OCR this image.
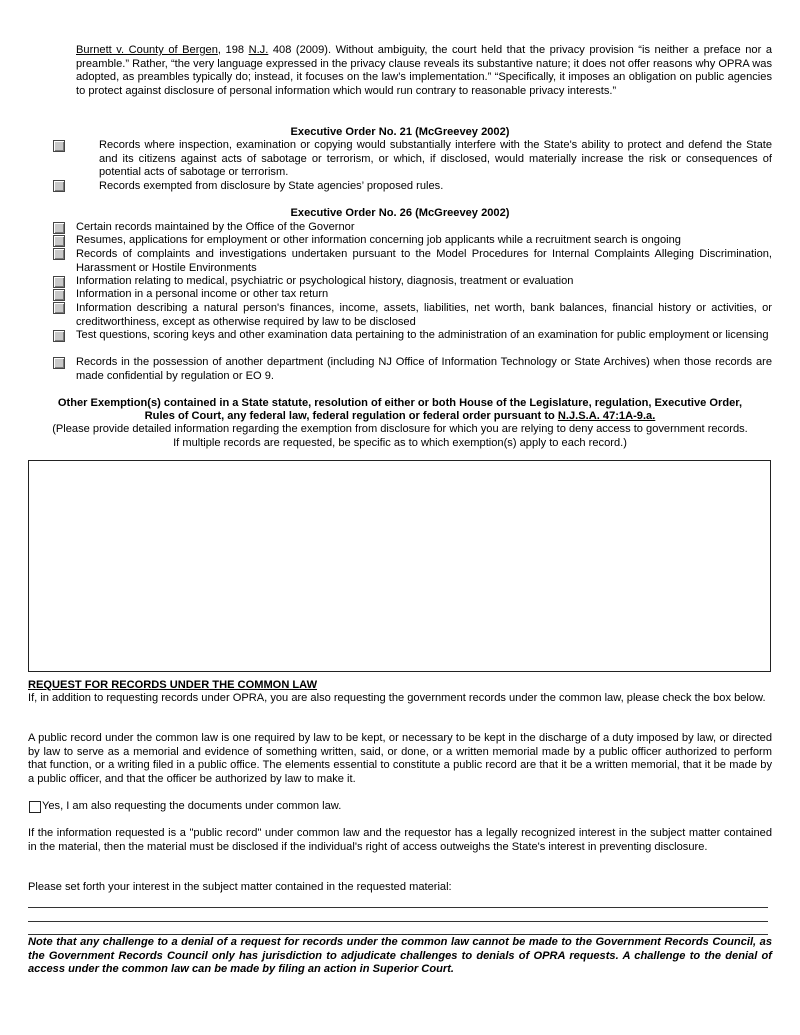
Burnett v. County of Bergen, 198 N.J. 408 (2009). Without ambiguity, the court held that the privacy provision “is neither a preface nor a preamble.” Rather, “the very language expressed in the privacy clause reveals its substantive nature; it does not offer reasons why OPRA was adopted, as preambles typically do; instead, it focuses on the law’s implementation.” “Specifically, it imposes an obligation on public agencies to protect against disclosure of personal information which would run contrary to reasonable privacy interests.”
Executive Order No. 21 (McGreevey 2002)
Records where inspection, examination or copying would substantially interfere with the State's ability to protect and defend the State and its citizens against acts of sabotage or terrorism, or which, if disclosed, would materially increase the risk or consequences of potential acts of sabotage or terrorism.
Records exempted from disclosure by State agencies’ proposed rules.
Executive Order No. 26 (McGreevey 2002)
Certain records maintained by the Office of the Governor
Resumes, applications for employment or other information concerning job applicants while a recruitment search is ongoing
Records of complaints and investigations undertaken pursuant to the Model Procedures for Internal Complaints Alleging Discrimination, Harassment or Hostile Environments
Information relating to medical, psychiatric or psychological history, diagnosis, treatment or evaluation
Information in a personal income or other tax return
Information describing a natural person's finances, income, assets, liabilities, net worth, bank balances, financial history or activities, or creditworthiness, except as otherwise required by law to be disclosed
Test questions, scoring keys and other examination data pertaining to the administration of an examination for public employment or licensing
Records in the possession of another department (including NJ Office of Information Technology or State Archives) when those records are made confidential by regulation or EO 9.
Other Exemption(s) contained in a State statute, resolution of either or both House of the Legislature, regulation, Executive Order,
Rules of Court, any federal law, federal regulation or federal order pursuant to N.J.S.A. 47:1A-9.a.
(Please provide detailed information regarding the exemption from disclosure for which you are relying to deny access to government records.
If multiple records are requested, be specific as to which exemption(s) apply to each record.)
REQUEST FOR RECORDS UNDER THE COMMON LAW
If, in addition to requesting records under OPRA, you are also requesting the government records under the common law, please check the box below.
A public record under the common law is one required by law to be kept, or necessary to be kept in the discharge of a duty imposed by law, or directed by law to serve as a memorial and evidence of something written, said, or done, or a written memorial made by a public officer authorized to perform that function, or a writing filed in a public office. The elements essential to constitute a public record are that it be a written memorial, that it be made by a public officer, and that the officer be authorized by law to make it.
Yes, I am also requesting the documents under common law.
If the information requested is a "public record" under common law and the requestor has a legally recognized interest in the subject matter contained in the material, then the material must be disclosed if the individual's right of access outweighs the State's interest in preventing disclosure.
Please set forth your interest in the subject matter contained in the requested material:
Note that any challenge to a denial of a request for records under the common law cannot be made to the Government Records Council, as the Government Records Council only has jurisdiction to adjudicate challenges to denials of OPRA requests. A challenge to the denial of access under the common law can be made by filing an action in Superior Court.
